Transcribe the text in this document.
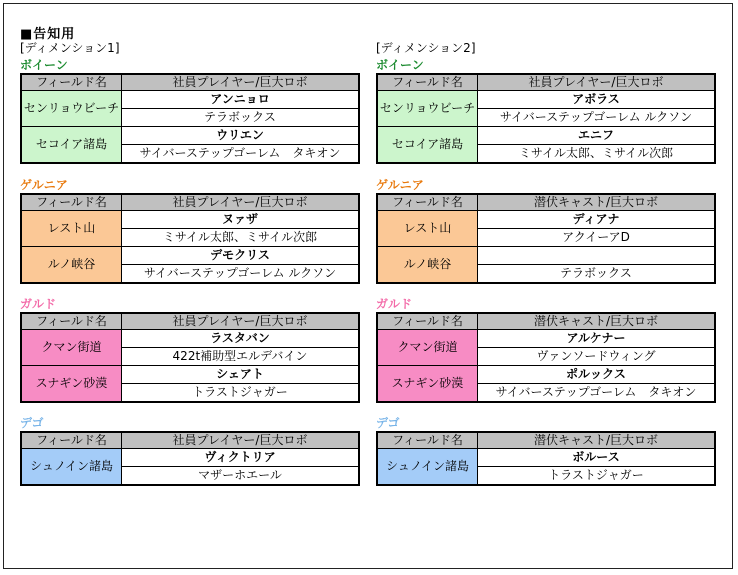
■告知用
[ディメンション1]
ボイーン
フィールド名	社員プレイヤー/巨大ロボ
センリョウビーチ	アンニョロ
	テラボックス
セコイア諸島	ウリエン
	サイバーステップゴーレム　タキオン
ゲルニア
フィールド名	社員プレイヤー/巨大ロボ
レスト山	ヌァザ
	ミサイル太郎、ミサイル次郎
ルノ峡谷	デモクリス
	サイバーステップゴーレム ルクソン
ガルド
フィールド名	社員プレイヤー/巨大ロボ
クマン街道	ラスタバン
	422t補助型エルデバイン
スナギン砂漠	シェアト
	トラストジャガー
デゴ
フィールド名	社員プレイヤー/巨大ロボ
シュノイン諸島	ヴィクトリア
	マザーホエール
[ディメンション2]
ボイーン
フィールド名	社員プレイヤー/巨大ロボ
センリョウビーチ	アボラス
	サイバーステップゴーレム ルクソン
セコイア諸島	エニフ
	ミサイル太郎、ミサイル次郎
ゲルニア
フィールド名	潜伏キャスト/巨大ロボ
レスト山	ディアナ
	アクイーアD
ルノ峡谷	
	テラボックス
ガルド
フィールド名	潜伏キャスト/巨大ロボ
クマン街道	アルケナー
	ヴァンソードウィング
スナギン砂漠	ポルックス
	サイバーステップゴーレム　タキオン
デゴ
フィールド名	潜伏キャスト/巨大ロボ
シュノイン諸島	ボルース
	トラストジャガー
